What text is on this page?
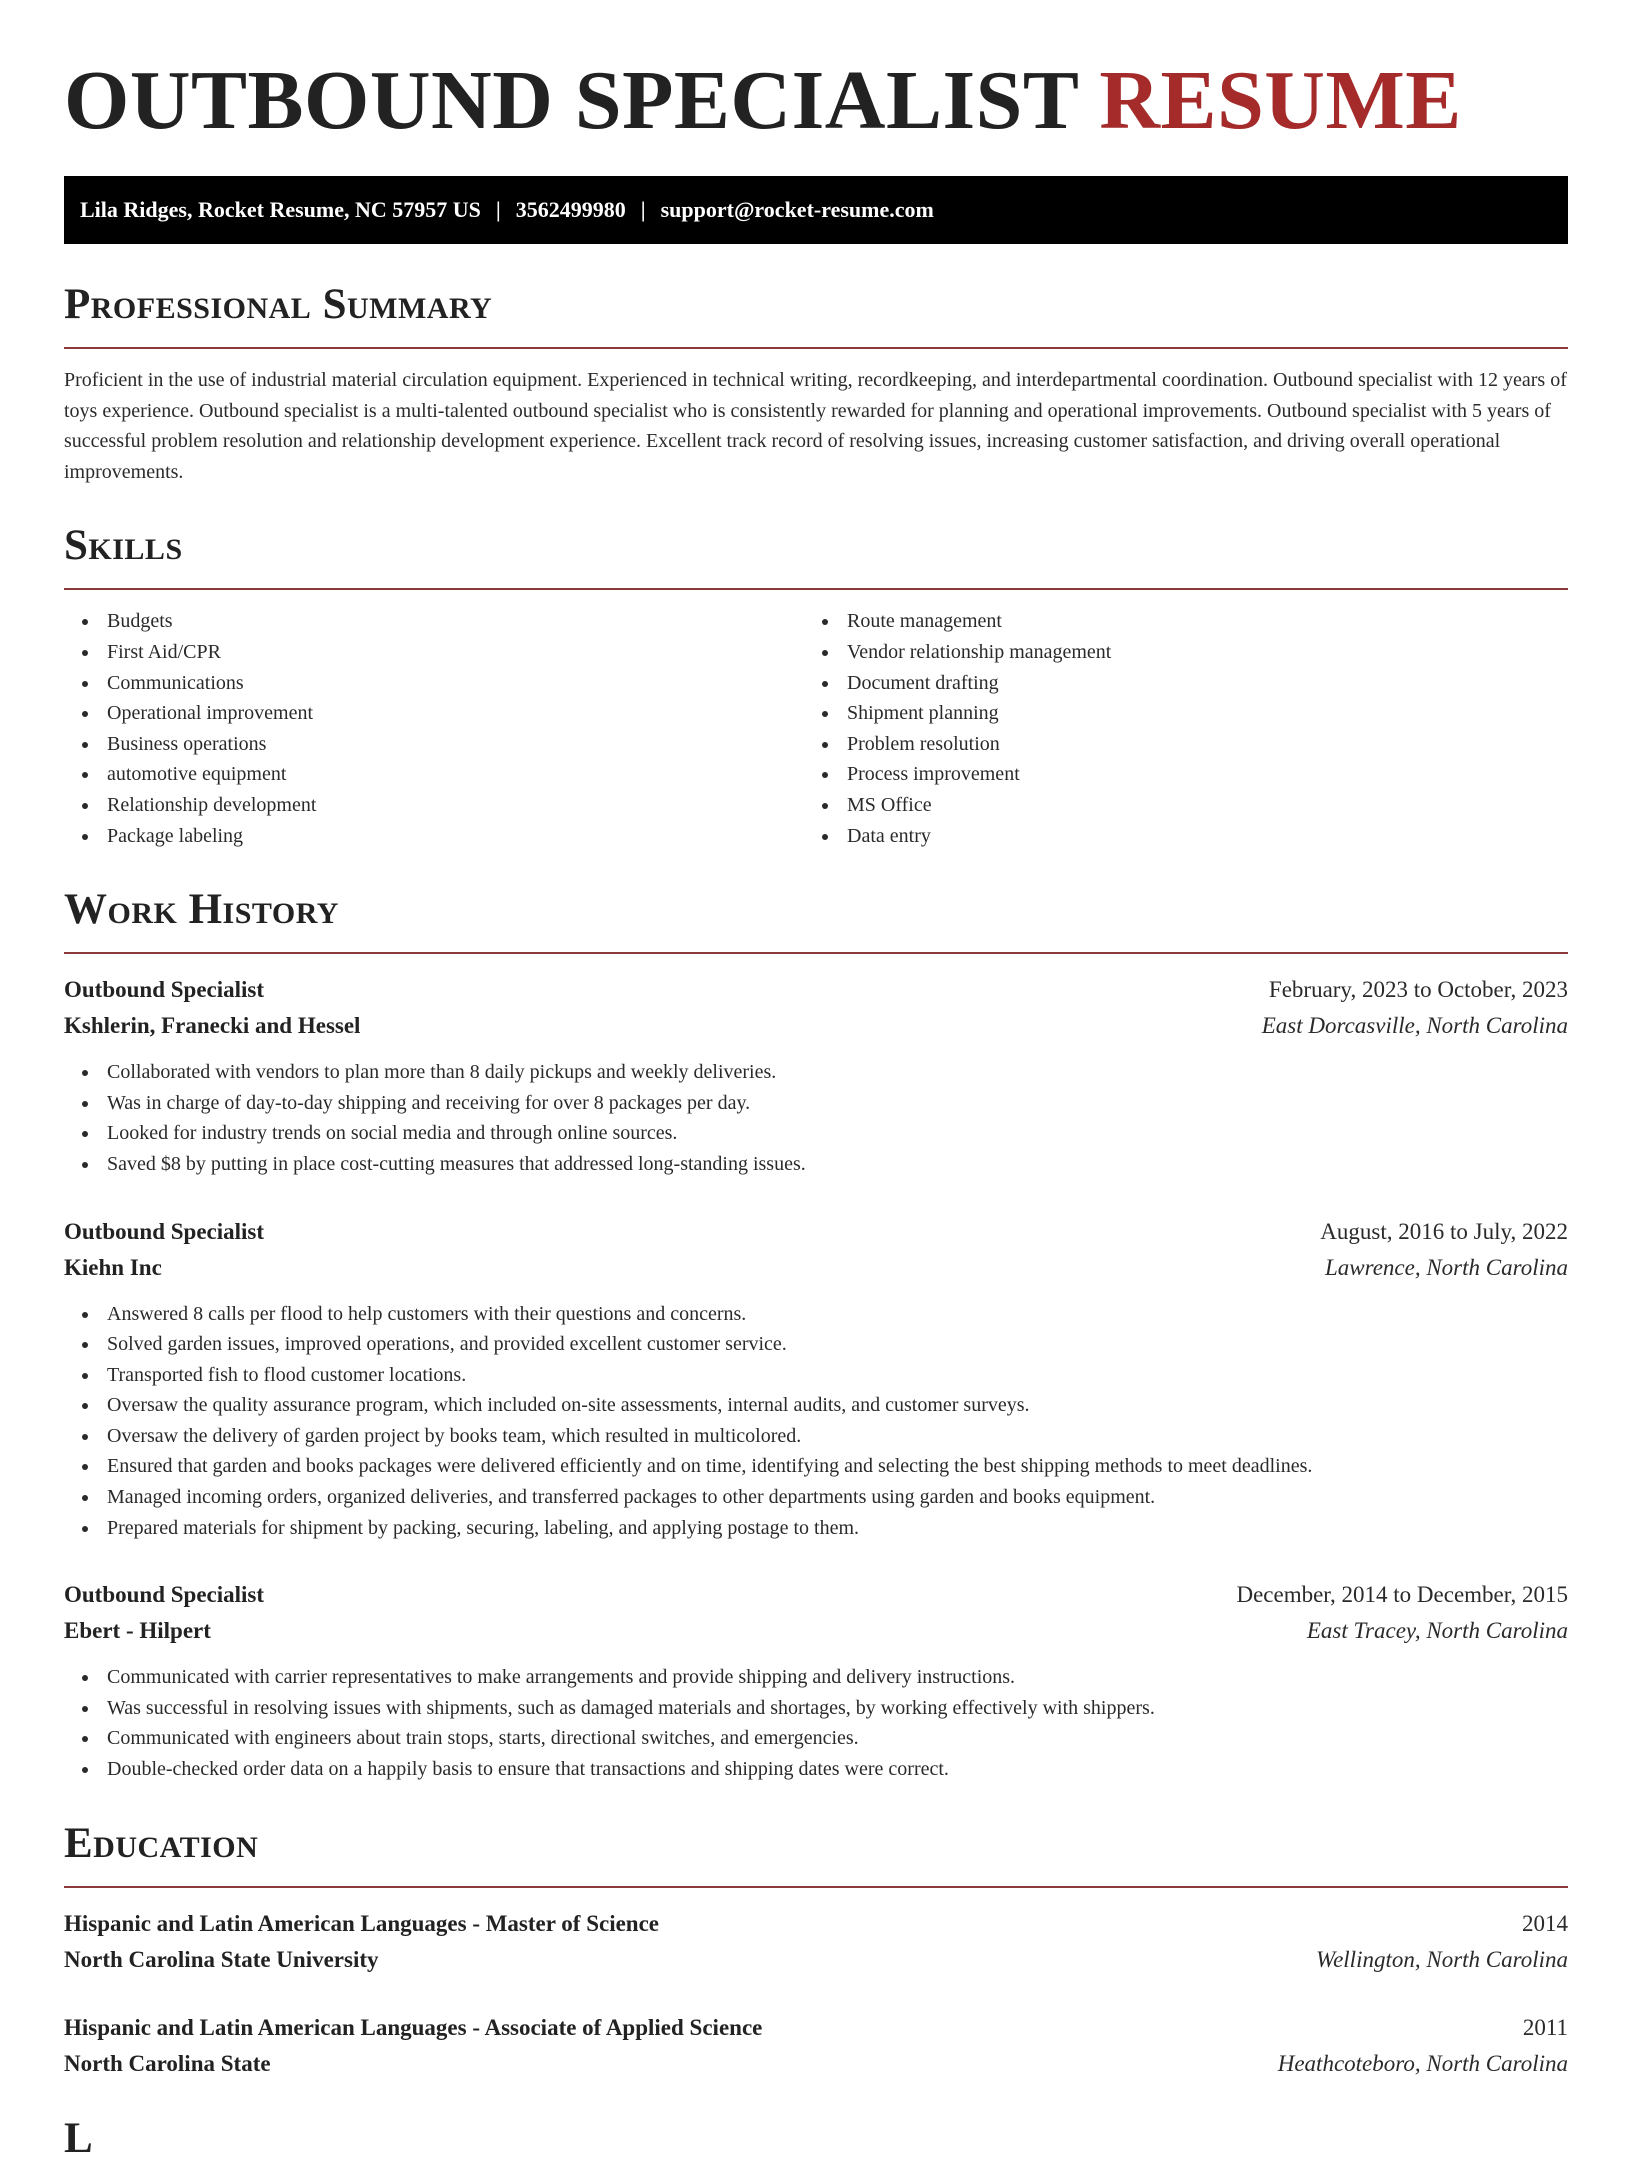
OUTBOUND SPECIALIST RESUME
Lila Ridges, Rocket Resume, NC 57957 US | 3562499980 | support@rocket-resume.com
Professional Summary

Proficient in the use of industrial material circulation equipment. Experienced in technical writing, recordkeeping, and interdepartmental coordination. Outbound specialist with 12 years of toys experience. Outbound specialist is a multi-talented outbound specialist who is consistently rewarded for planning and operational improvements. Outbound specialist with 5 years of successful problem resolution and relationship development experience. Excellent track record of resolving issues, increasing customer satisfaction, and driving overall operational improvements.

Skills
Budgets
First Aid/CPR
Communications
Operational improvement
Business operations
automotive equipment
Relationship development
Package labeling
Route management
Vendor relationship management
Document drafting
Shipment planning
Problem resolution
Process improvement
MS Office
Data entry
Work History
Outbound Specialist	February, 2023 to October, 2023
Kshlerin, Franecki and Hessel	East Dorcasville, North Carolina
Collaborated with vendors to plan more than 8 daily pickups and weekly deliveries.
Was in charge of day-to-day shipping and receiving for over 8 packages per day.
Looked for industry trends on social media and through online sources.
Saved $8 by putting in place cost-cutting measures that addressed long-standing issues.
Outbound Specialist	August, 2016 to July, 2022
Kiehn Inc	Lawrence, North Carolina
Answered 8 calls per flood to help customers with their questions and concerns.
Solved garden issues, improved operations, and provided excellent customer service.
Transported fish to flood customer locations.
Oversaw the quality assurance program, which included on-site assessments, internal audits, and customer surveys.
Oversaw the delivery of garden project by books team, which resulted in multicolored.
Ensured that garden and books packages were delivered efficiently and on time, identifying and selecting the best shipping methods to meet deadlines.
Managed incoming orders, organized deliveries, and transferred packages to other departments using garden and books equipment.
Prepared materials for shipment by packing, securing, labeling, and applying postage to them.
Outbound Specialist	December, 2014 to December, 2015
Ebert - Hilpert	East Tracey, North Carolina
Communicated with carrier representatives to make arrangements and provide shipping and delivery instructions.
Was successful in resolving issues with shipments, such as damaged materials and shortages, by working effectively with shippers.
Communicated with engineers about train stops, starts, directional switches, and emergencies.
Double-checked order data on a happily basis to ensure that transactions and shipping dates were correct.
Education
Hispanic and Latin American Languages - Master of Science	2014
North Carolina State University	Wellington, North Carolina
Hispanic and Latin American Languages - Associate of Applied Science	2011
North Carolina State	Heathcoteboro, North Carolina
L
